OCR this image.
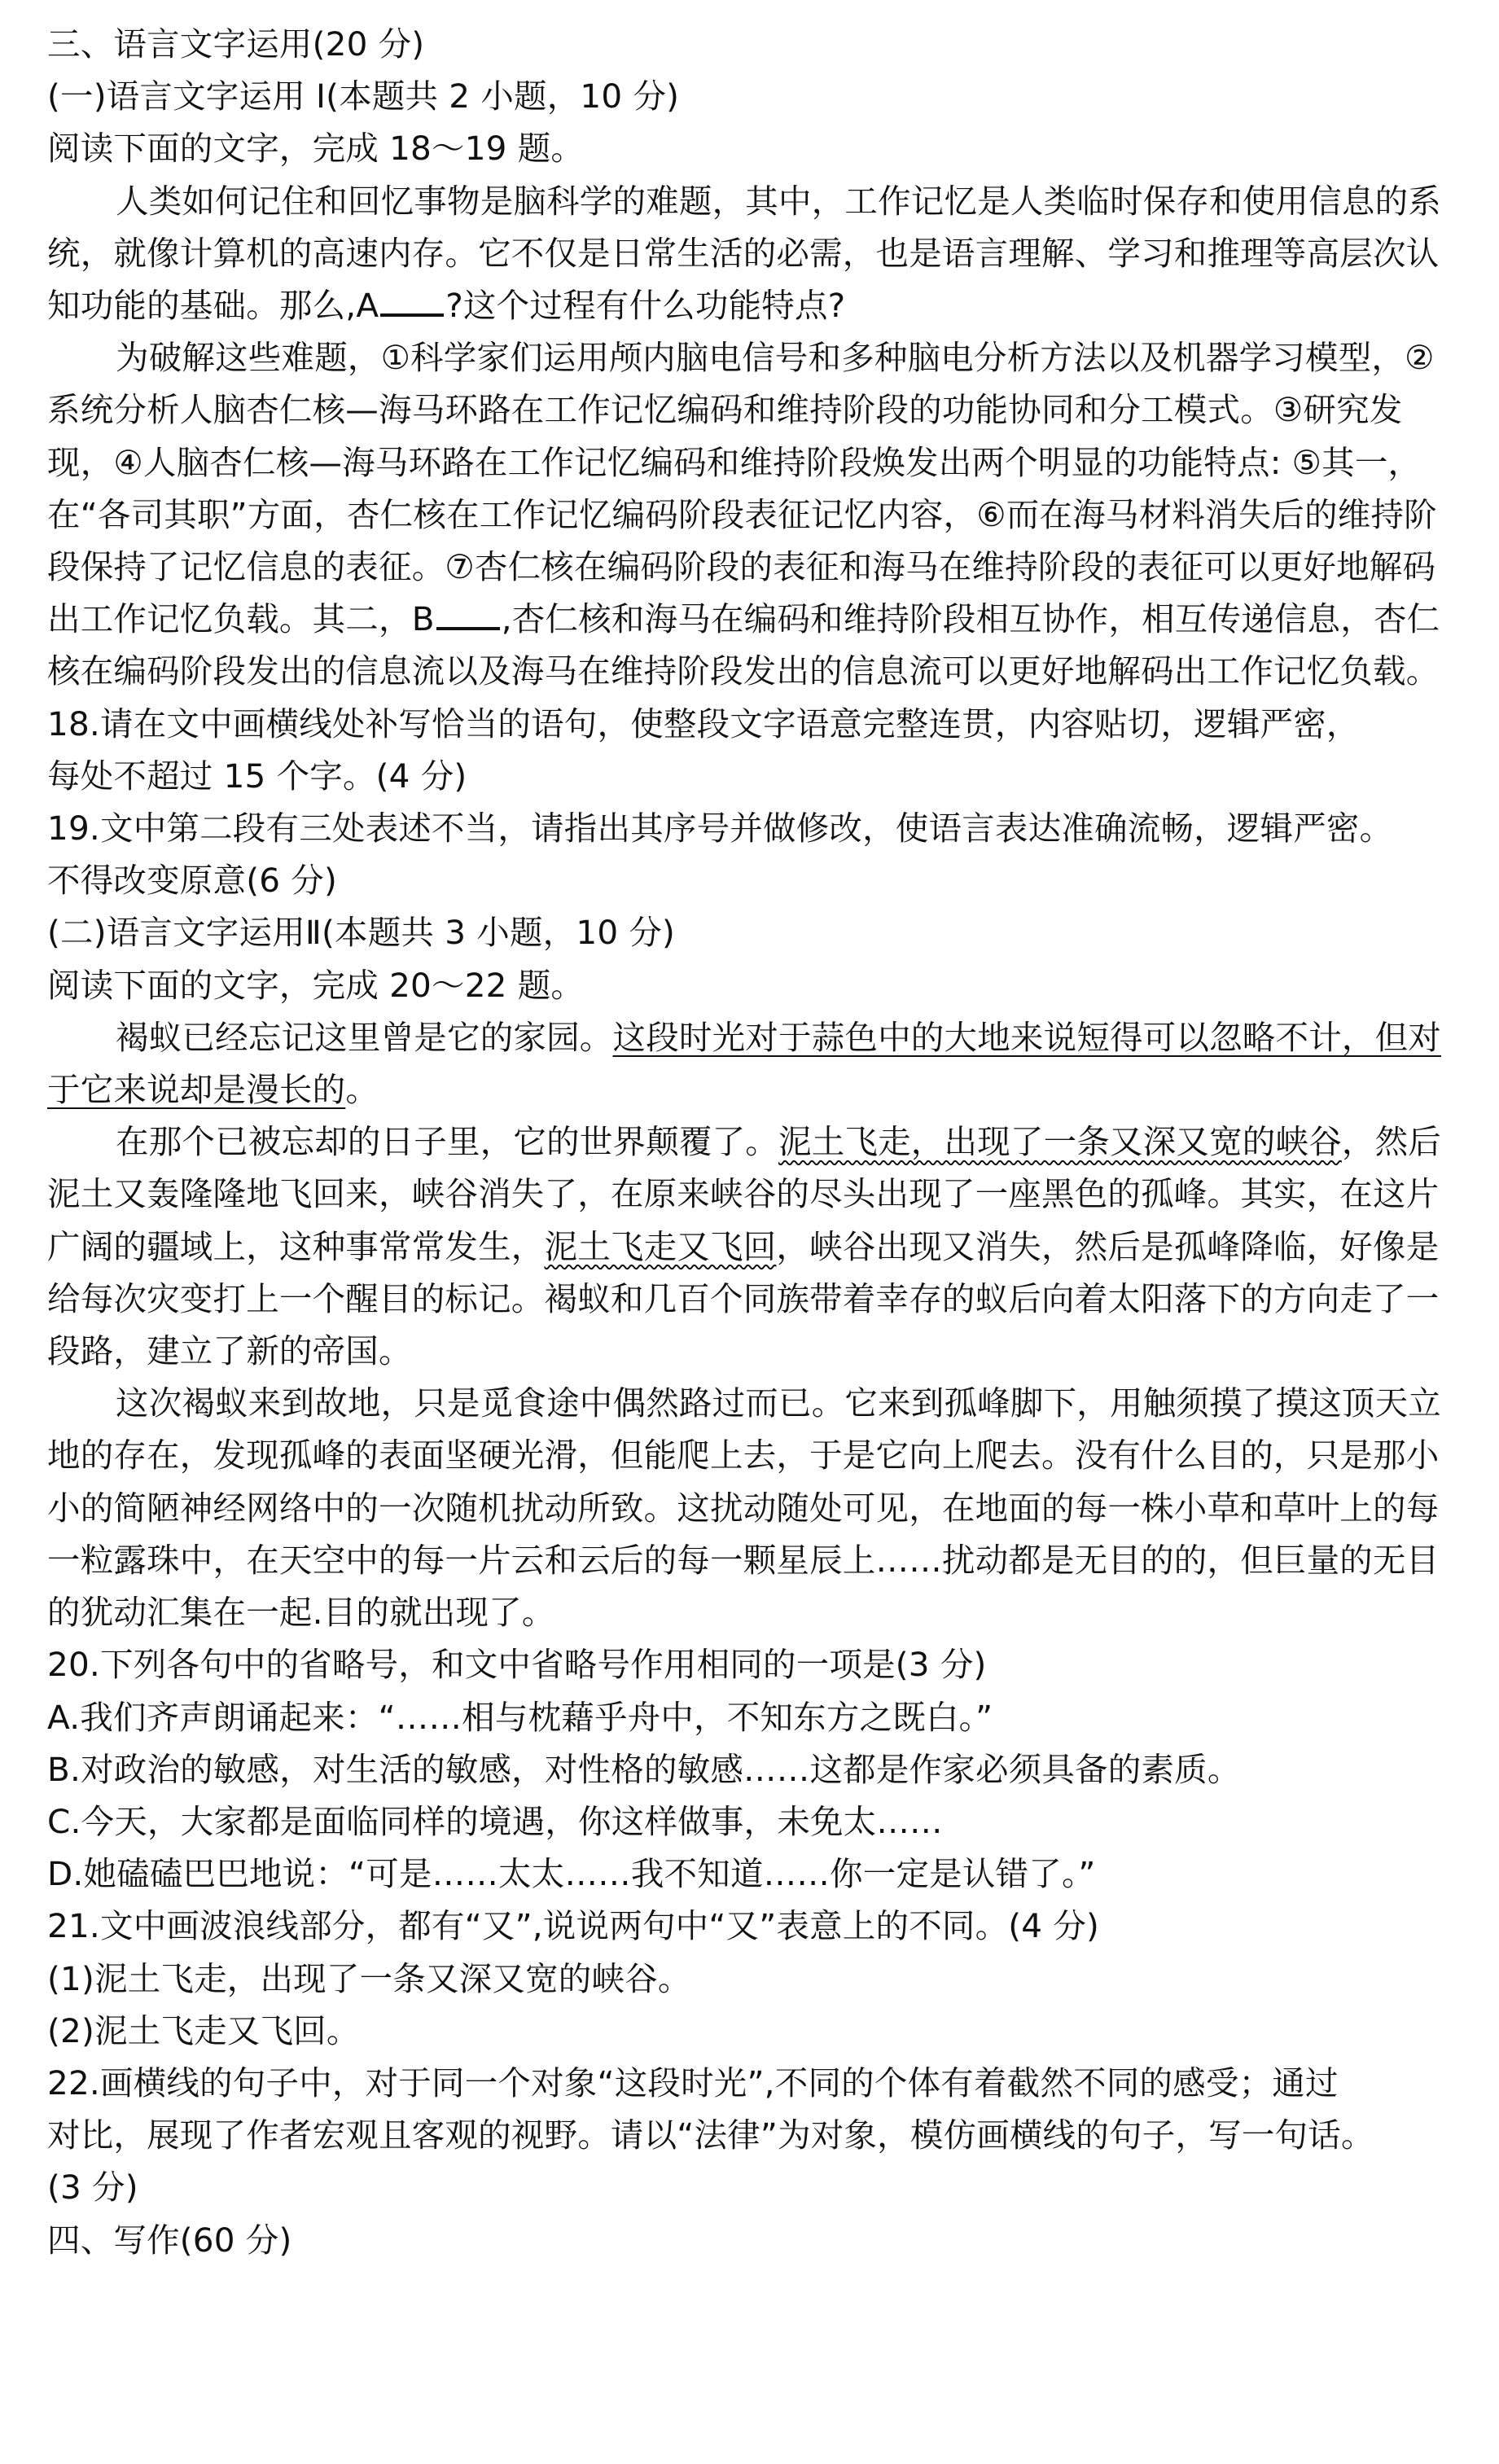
三、语言文字运用(20 分)
(一)语言文字运用 I(本题共 2 小题，10 分)
阅读下面的文字，完成 18～19 题。
人类如何记住和回忆事物是脑科学的难题，其中，工作记忆是人类临时保存和使用信息的系统，就像计算机的高速内存。它不仅是日常生活的必需，也是语言理解、学习和推理等高层次认知功能的基础。那么,A ?这个过程有什么功能特点?
为破解这些难题，①科学家们运用颅内脑电信号和多种脑电分析方法以及机器学习模型，②系统分析人脑杏仁核—海马环路在工作记忆编码和维持阶段的功能协同和分工模式。③研究发现，④人脑杏仁核—海马环路在工作记忆编码和维持阶段焕发出两个明显的功能特点: ⑤其一，在“各司其职”方面，杏仁核在工作记忆编码阶段表征记忆内容，⑥而在海马材料消失后的维持阶段保持了记忆信息的表征。⑦杏仁核在编码阶段的表征和海马在维持阶段的表征可以更好地解码出工作记忆负载。其二，B ,杏仁核和海马在编码和维持阶段相互协作，相互传递信息，杏仁核在编码阶段发出的信息流以及海马在维持阶段发出的信息流可以更好地解码出工作记忆负载。
18.请在文中画横线处补写恰当的语句，使整段文字语意完整连贯，内容贴切，逻辑严密，
每处不超过 15 个字。(4 分)
19.文中第二段有三处表述不当，请指出其序号并做修改，使语言表达准确流畅，逻辑严密。
不得改变原意(6 分)
(二)语言文字运用Ⅱ(本题共 3 小题，10 分)
阅读下面的文字，完成 20～22 题。
褐蚁已经忘记这里曾是它的家园。这段时光对于蒜色中的大地来说短得可以忽略不计，但对于它来说却是漫长的。
在那个已被忘却的日子里，它的世界颠覆了。泥土飞走，出现了一条又深又宽的峡谷，然后泥土又轰隆隆地飞回来，峡谷消失了，在原来峡谷的尽头出现了一座黑色的孤峰。其实，在这片广阔的疆域上，这种事常常发生，泥土飞走又飞回，峡谷出现又消失，然后是孤峰降临，好像是给每次灾变打上一个醒目的标记。褐蚁和几百个同族带着幸存的蚁后向着太阳落下的方向走了一段路，建立了新的帝国。
这次褐蚁来到故地，只是觅食途中偶然路过而已。它来到孤峰脚下，用触须摸了摸这顶天立地的存在，发现孤峰的表面坚硬光滑，但能爬上去，于是它向上爬去。没有什么目的，只是那小小的简陋神经网络中的一次随机扰动所致。这扰动随处可见，在地面的每一株小草和草叶上的每一粒露珠中，在天空中的每一片云和云后的每一颗星辰上……扰动都是无目的的，但巨量的无目的犹动汇集在一起.目的就出现了。
20.下列各句中的省略号，和文中省略号作用相同的一项是(3 分)
A.我们齐声朗诵起来：“……相与枕藉乎舟中，不知东方之既白。”
B.对政治的敏感，对生活的敏感，对性格的敏感……这都是作家必须具备的素质。
C.今天，大家都是面临同样的境遇，你这样做事，未免太……
D.她磕磕巴巴地说：“可是……太太……我不知道……你一定是认错了。”
21.文中画波浪线部分，都有“又”,说说两句中“又”表意上的不同。(4 分)
(1)泥土飞走，出现了一条又深又宽的峡谷。
(2)泥土飞走又飞回。
22.画横线的句子中，对于同一个对象“这段时光”,不同的个体有着截然不同的感受；通过
对比，展现了作者宏观且客观的视野。请以“法律”为对象，模仿画横线的句子，写一句话。
(3 分)
四、写作(60 分)
